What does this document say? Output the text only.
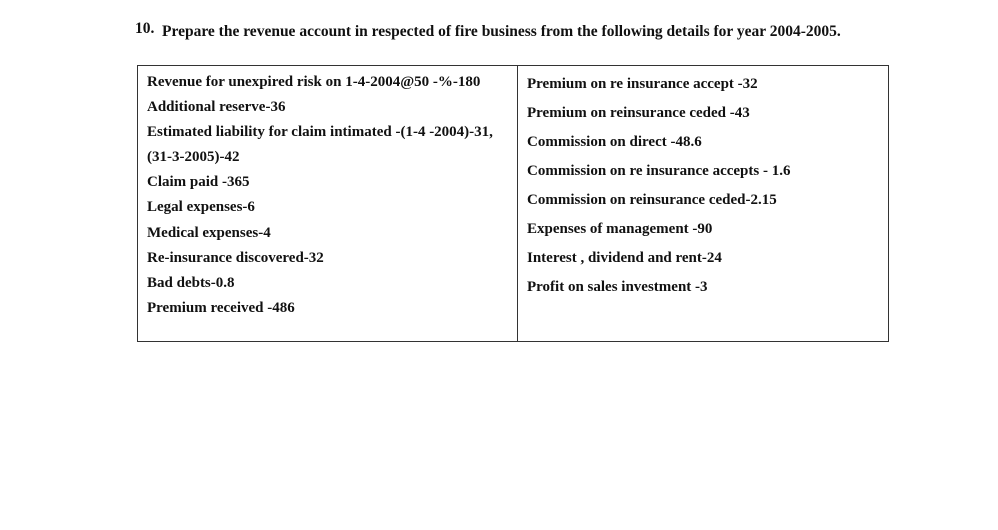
10. Prepare the revenue account in respected of fire business from the following details for year 2004-2005.
Revenue for unexpired risk on 1-4-2004@50 -%-180
Additional reserve-36
Estimated liability for claim intimated -(1-4 -2004)-31,(31-3-2005)-42
Claim paid -365
Legal expenses-6
Medical expenses-4
Re-insurance discovered-32
Bad debts-0.8
Premium received -486

Premium on re insurance accept -32
Premium on reinsurance ceded -43
Commission on direct -48.6
Commission on re insurance accepts - 1.6
Commission on reinsurance ceded-2.15
Expenses of management -90
Interest , dividend and rent-24
Profit on sales investment -3
